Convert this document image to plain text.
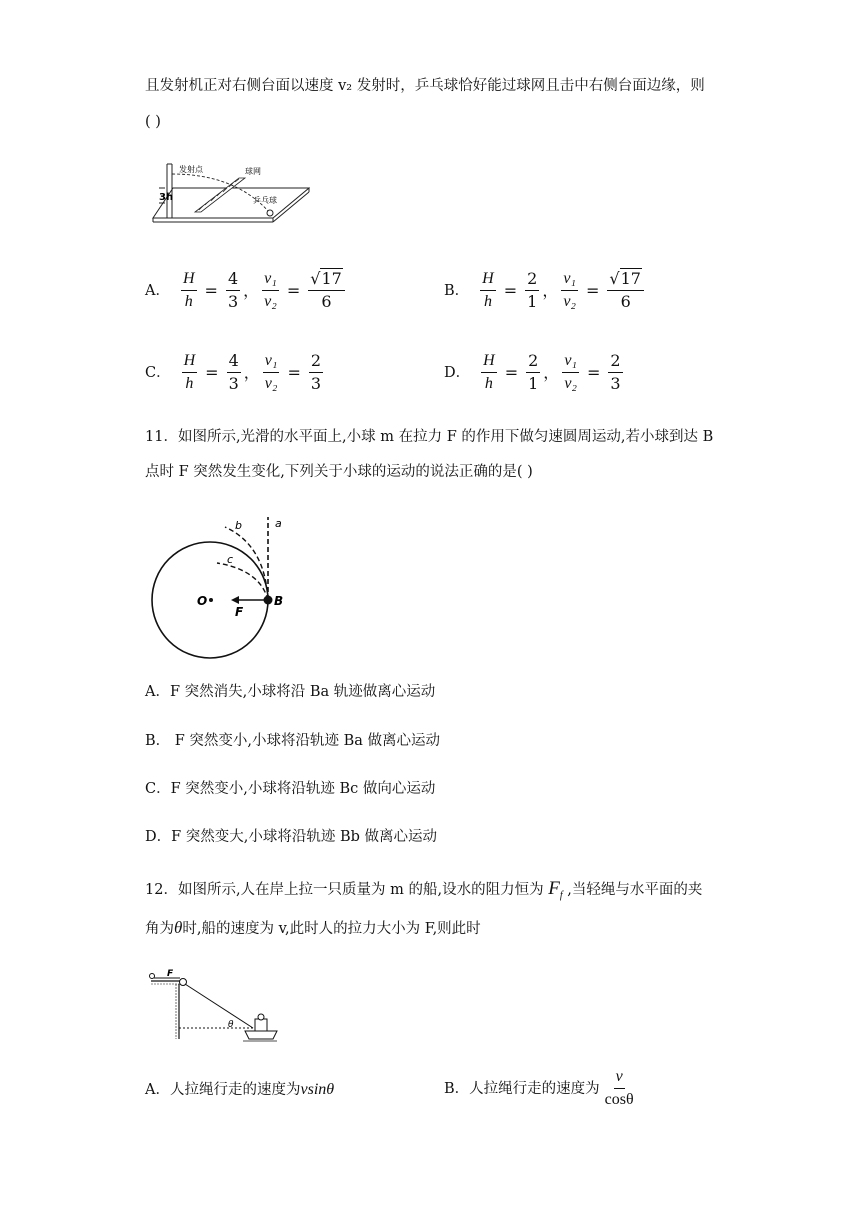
且发射机正对右侧台面以速度 v₂ 发射时，乒乓球恰好能过球网且击中右侧台面边缘，则
( )
3h
发射点	球网
乒乓球
A． $\frac{H}{h} = \frac{4}{3}$ ， $\frac{\text{v₁}}{\text{v₂}} = \frac{√ 17}{6}$	B． $\frac{H}{h} = \frac{2}{1}$ ， $\frac{\text{v₁}}{\text{v₂}} = \frac{√ 17}{6}$
C． $\frac{H}{h} = \frac{4}{3}$ ， $\frac{\text{v₁}}{\text{v₂}} = \frac{2}{3}$	D． $\frac{H}{h} = \frac{2}{1}$ ， $\frac{\text{v₁}}{\text{v₂}} = \frac{2}{3}$
11．如图所示,光滑的水平面上,小球 m 在拉力 F 的作用下做匀速圆周运动,若小球到达 B
点时 F 突然发生变化,下列关于小球的运动的说法正确的是( )
O
F
B
a
b
c
A．F 突然消失,小球将沿 Ba 轨迹做离心运动
B． F 突然变小,小球将沿轨迹 Ba 做离心运动
C．F 突然变小,小球将沿轨迹 Bc 做向心运动
D．F 突然变大,小球将沿轨迹 Bb 做离心运动
12．如图所示,人在岸上拉一只质量为 m 的船,设水的阻力恒为 $F_f$ ,当轻绳与水平面的夹
角为θ时,船的速度为 v,此时人的拉力大小为 F,则此时
F
θ
A．人拉绳行走的速度为vsinθ	B．人拉绳行走的速度为 $\frac{v}{\cos\theta}$
